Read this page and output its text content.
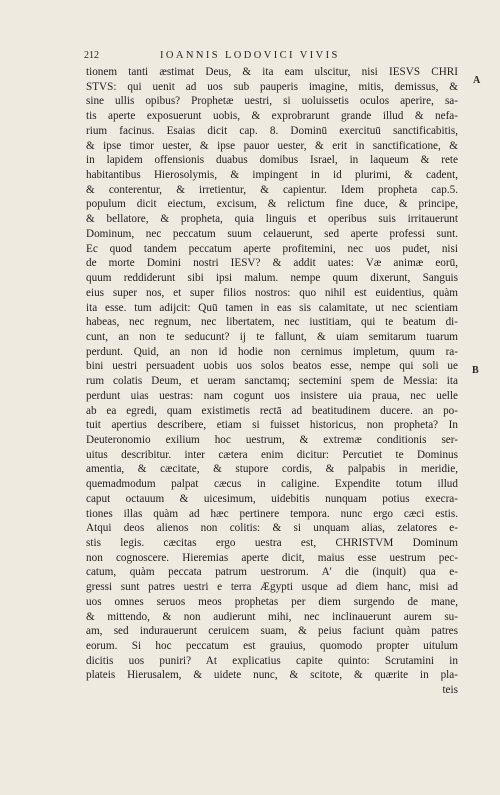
212	IOANNIS LODOVICI VIVIS
A
B
tionem tanti æstimat Deus, & ita eam ulscitur, nisi IESVS CHRI
STVS: qui uenit ad uos sub pauperis imagine, mitis, demissus, &
sine ullis opibus? Prophetæ uestri, si uoluissetis oculos aperire, sa-
tis aperte exposuerunt uobis, & exprobrarunt grande illud & nefa-
rium facinus. Esaias dicit cap. 8. Dominū exercituū sanctificabitis,
& ipse timor uester, & ipse pauor uester, & erit in sanctificatione, &
in lapidem offensionis duabus domibus Israel, in laqueum & rete
habitantibus Hierosolymis, & impingent in id plurimi, & cadent,
& conterentur, & irretientur, & capientur. Idem propheta cap.5.
populum dicit eiectum, excisum, & relictum fine duce, & principe,
& bellatore, & propheta, quia linguis et operibus suis irritauerunt
Dominum, nec peccatum suum celauerunt, sed aperte professi sunt.
Ec quod tandem peccatum aperte profitemini, nec uos pudet, nisi
de morte Domini nostri IESV? & addit uates: Væ animæ eorū,
quum reddiderunt sibi ipsi malum. nempe quum dixerunt, Sanguis
eius super nos, et super filios nostros: quo nihil est euidentius, quàm
ita esse. tum adijcit: Quū tamen in eas sis calamitate, ut nec scientiam
habeas, nec regnum, nec libertatem, nec iustitiam, qui te beatum di-
cunt, an non te seducunt? ij te fallunt, & uiam semitarum tuarum
perdunt. Quid, an non id hodie non cernimus impletum, quum ra-
bini uestri persuadent uobis uos solos beatos esse, nempe qui soli ue
rum colatis Deum, et ueram sanctamq; sectemini spem de Messia: ita
perdunt uias uestras: nam cogunt uos insistere uia praua, nec uelle
ab ea egredi, quam existimetis rectā ad beatitudinem ducere. an po-
tuit apertius describere, etiam si fuisset historicus, non propheta? In
Deuteronomio exilium hoc uestrum, & extremæ conditionis ser-
uitus describitur. inter cætera enim dicitur: Percutiet te Dominus
amentia, & cæcitate, & stupore cordis, & palpabis in meridie,
quemadmodum palpat cæcus in caligine. Expendite totum illud
caput octauum & uicesimum, uidebitis nunquam potius execra-
tiones illas quàm ad hæc pertinere tempora. nunc ergo cæci estis.
Atqui deos alienos non colitis: & si unquam alias, zelatores e-
stis legis. cæcitas ergo uestra est, CHRISTVM Dominum
non cognoscere. Hieremias aperte dicit, maius esse uestrum pec-
catum, quàm peccata patrum uestrorum. A' die (inquit) qua e-
gressi sunt patres uestri e terra Ægypti usque ad diem hanc, misi ad
uos omnes seruos meos prophetas per diem surgendo de mane,
& mittendo, & non audierunt mihi, nec inclinauerunt aurem su-
am, sed indurauerunt ceruicem suam, & peius faciunt quàm patres
eorum. Si hoc peccatum est grauius, quomodo propter uitulum
dicitis uos puniri? At explicatius capite quinto: Scrutamini in
plateis Hierusalem, & uidete nunc, & scitote, & quærite in pla-
teis
